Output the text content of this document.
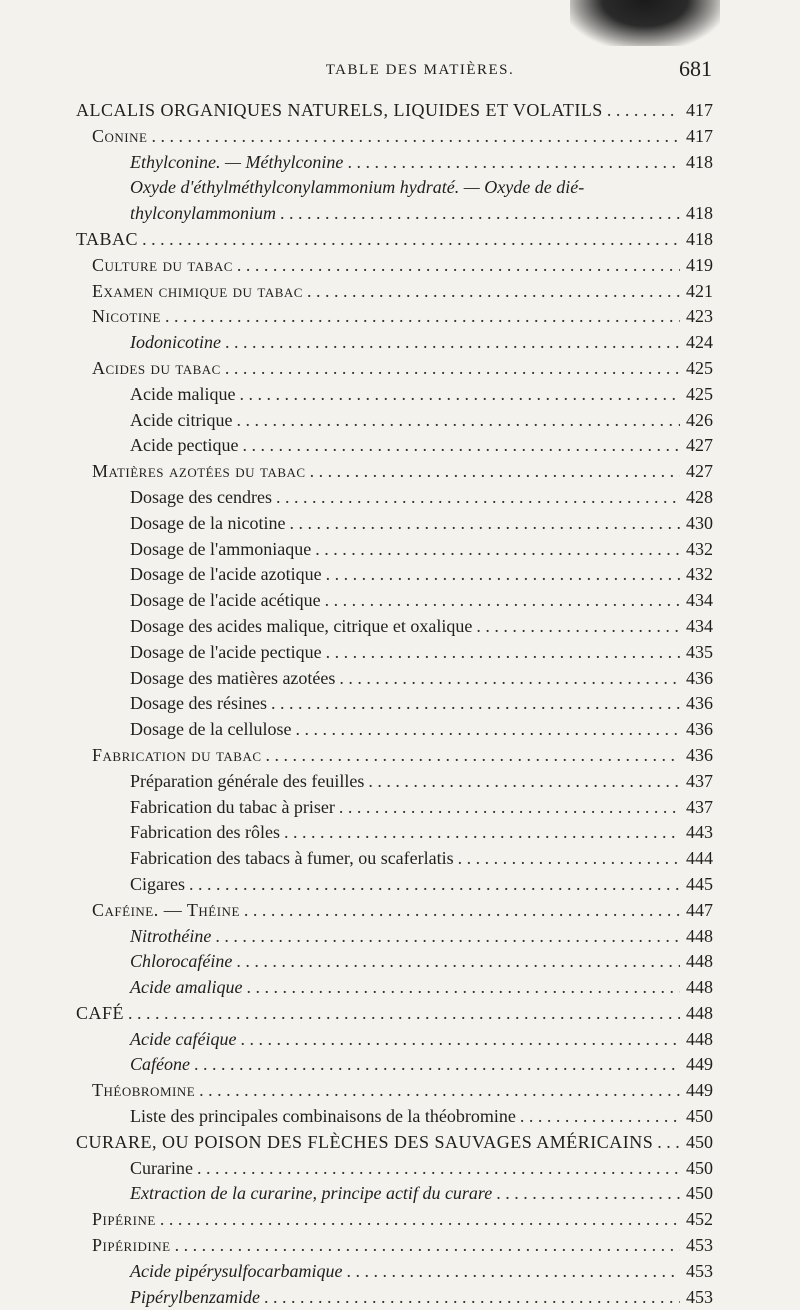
TABLE DES MATIÈRES.	681
ALCALIS ORGANIQUES NATURELS, LIQUIDES ET VOLATILS . . .	417
Conine . . .	417
Ethylconine. — Méthylconine . . .	418
Oxyde d'éthylméthylconylammonium hydraté. — Oxyde de dié-
thylconylammonium . . .	418
TABAC . . .	418
Culture du tabac . . .	419
Examen chimique du tabac . . .	421
Nicotine . . .	423
Iodonicotine . . .	424
Acides du tabac . . .	425
Acide malique . . .	425
Acide citrique . . .	426
Acide pectique . . .	427
Matières azotées du tabac . . .	427
Dosage des cendres . . .	428
Dosage de la nicotine . . .	430
Dosage de l'ammoniaque . . .	432
Dosage de l'acide azotique . . .	432
Dosage de l'acide acétique . . .	434
Dosage des acides malique, citrique et oxalique . . .	434
Dosage de l'acide pectique . . .	435
Dosage des matières azotées . . .	436
Dosage des résines . . .	436
Dosage de la cellulose . . .	436
Fabrication du tabac . . .	436
Préparation générale des feuilles . . .	437
Fabrication du tabac à priser . . .	437
Fabrication des rôles . . .	443
Fabrication des tabacs à fumer, ou scaferlatis . . .	444
Cigares . . .	445
Caféine. — Théine . . .	447
Nitrothéine . . .	448
Chlorocaféine . . .	448
Acide amalique . . .	448
CAFÉ . . .	448
Acide caféique . . .	448
Caféone . . .	449
Théobromine . . .	449
Liste des principales combinaisons de la théobromine . . .	450
CURARE, OU POISON DES FLÈCHES DES SAUVAGES AMÉRICAINS . . .	450
Curarine . . .	450
Extraction de la curarine, principe actif du curare . . .	450
Pipérine . . .	452
Pipéridine . . .	453
Acide pipérysulfocarbamique . . .	453
Pipérylbenzamide . . .	453
